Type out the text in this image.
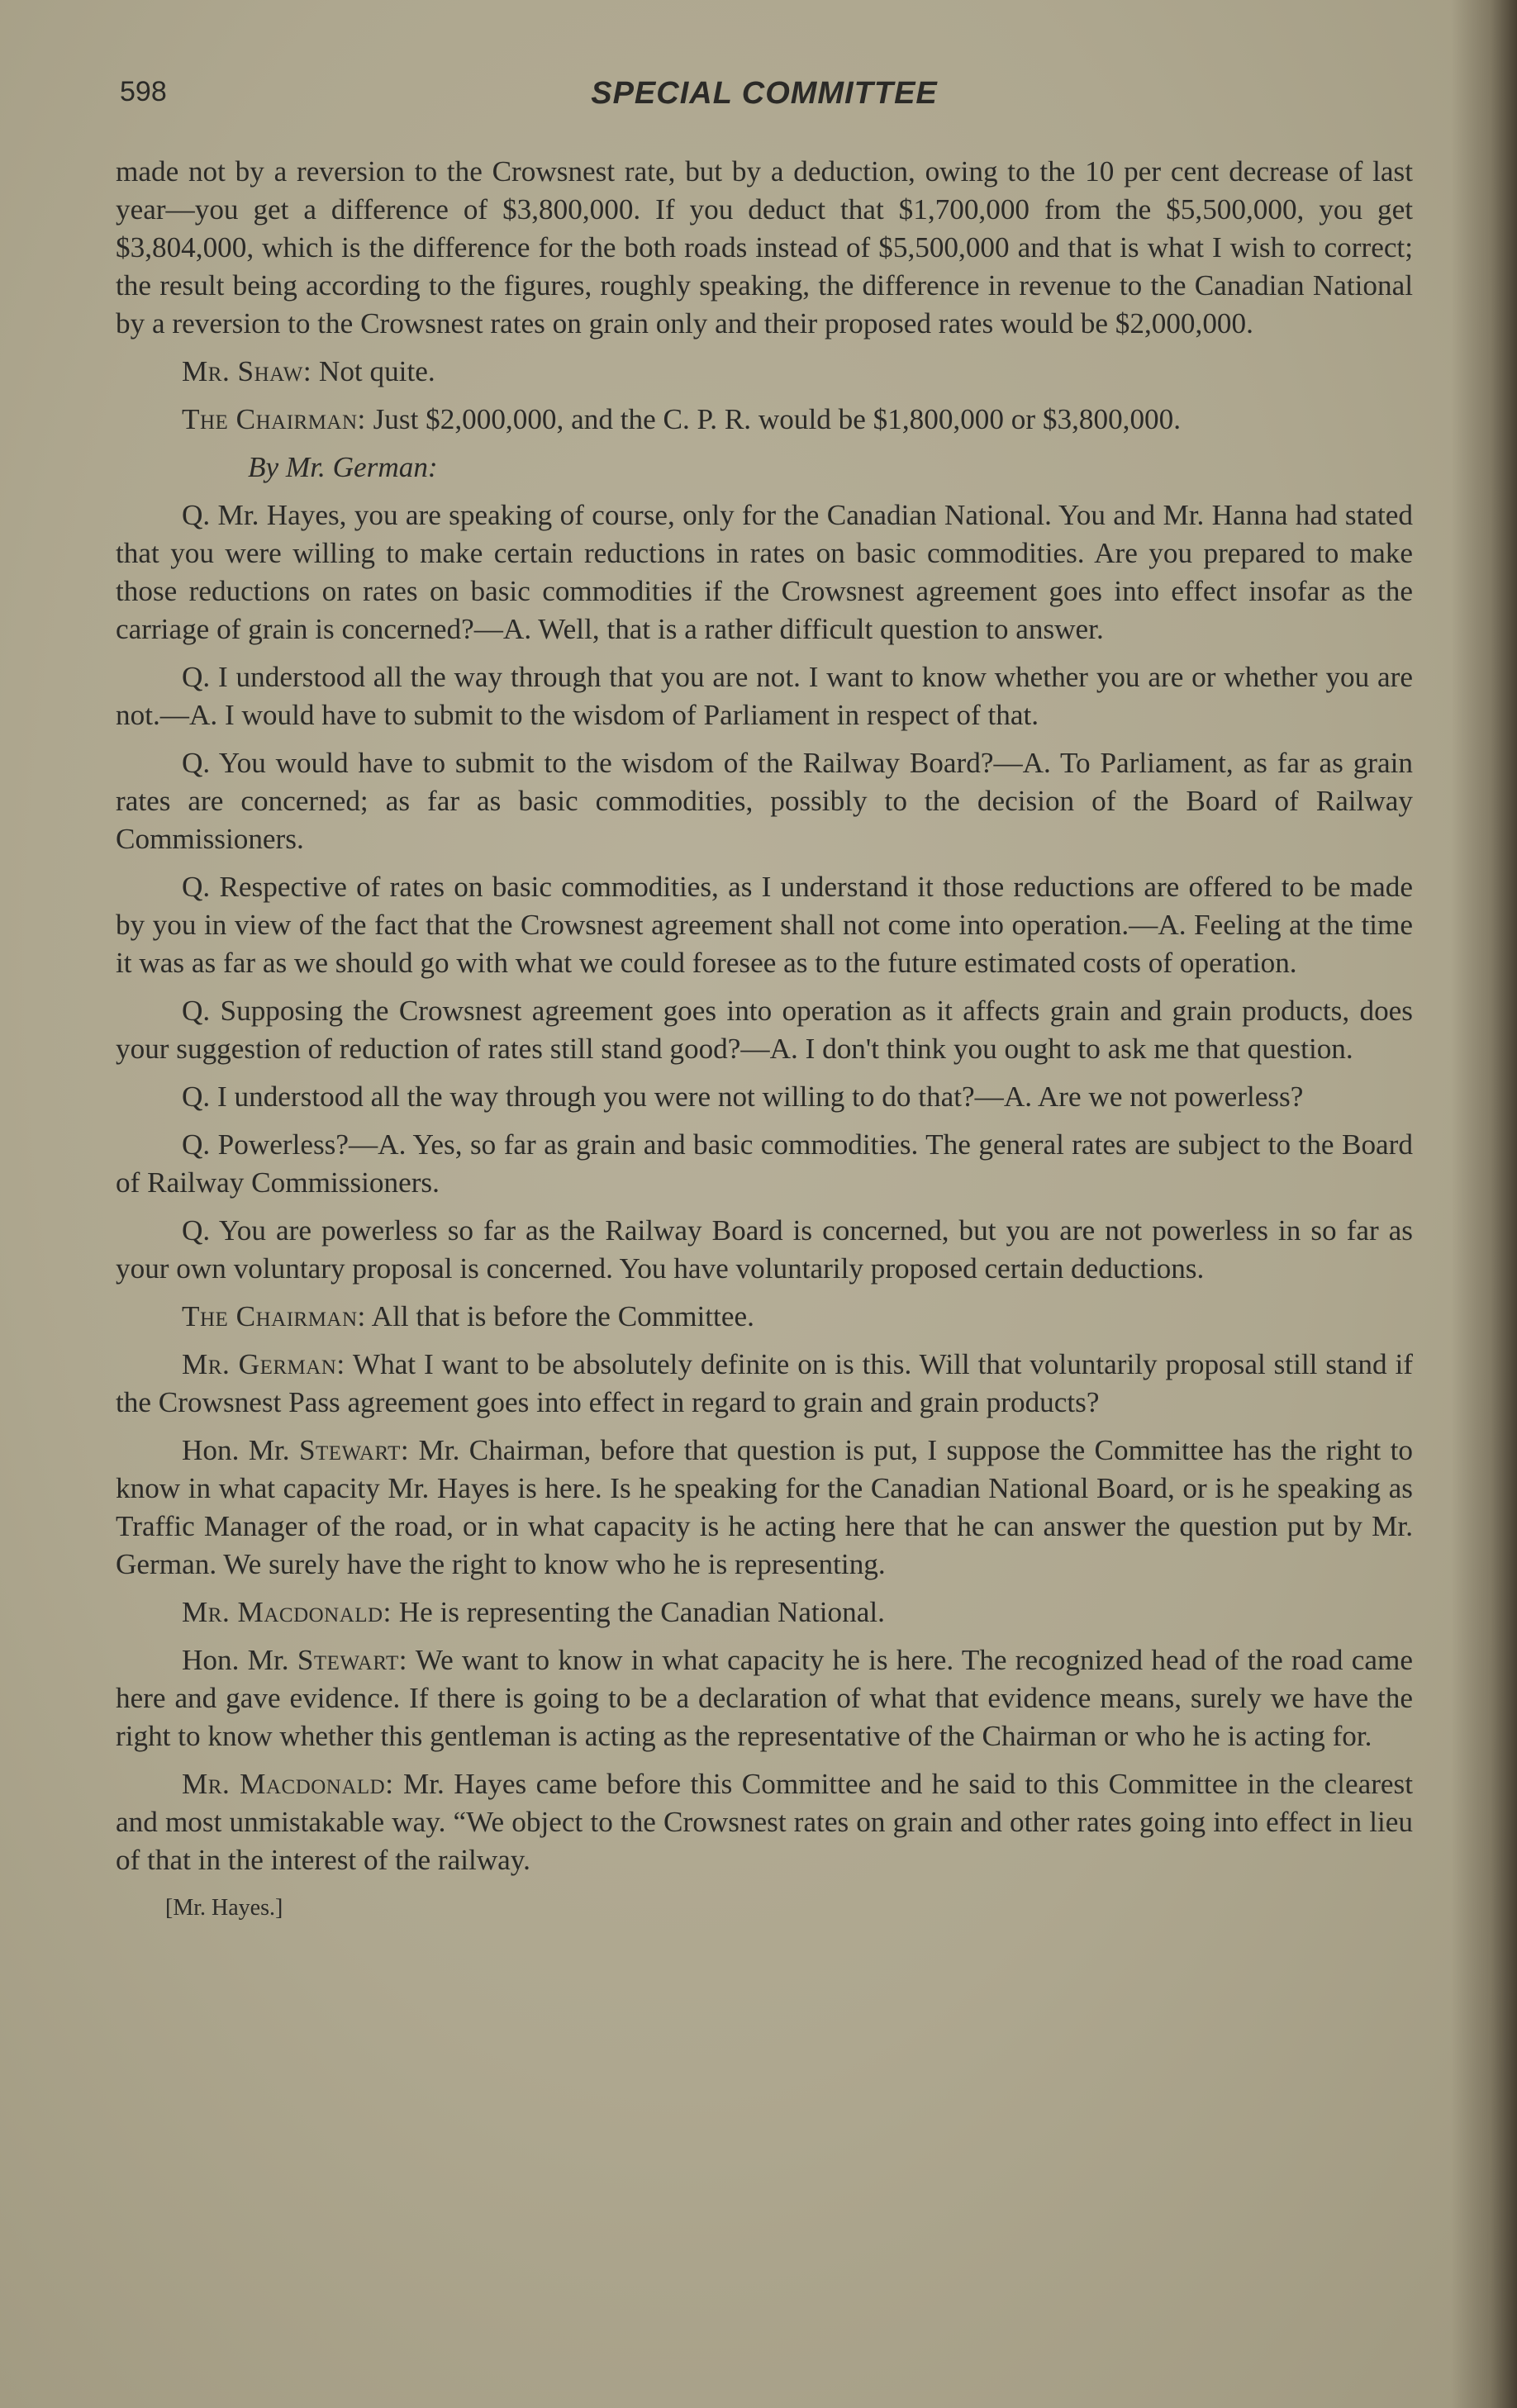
598	SPECIAL COMMITTEE

made not by a reversion to the Crowsnest rate, but by a deduction, owing to the 10 per cent decrease of last year—you get a difference of $3,800,000. If you deduct that $1,700,000 from the $5,500,000, you get $3,804,000, which is the difference for the both roads instead of $5,500,000 and that is what I wish to correct; the result being according to the figures, roughly speaking, the difference in revenue to the Canadian National by a reversion to the Crowsnest rates on grain only and their proposed rates would be $2,000,000.

Mr. Shaw: Not quite.

The Chairman: Just $2,000,000, and the C. P. R. would be $1,800,000 or $3,800,000.

By Mr. German:

Q. Mr. Hayes, you are speaking of course, only for the Canadian National. You and Mr. Hanna had stated that you were willing to make certain reductions in rates on basic commodities. Are you prepared to make those reductions on rates on basic commodities if the Crowsnest agreement goes into effect insofar as the carriage of grain is concerned?—A. Well, that is a rather difficult question to answer.

Q. I understood all the way through that you are not. I want to know whether you are or whether you are not.—A. I would have to submit to the wisdom of Parliament in respect of that.

Q. You would have to submit to the wisdom of the Railway Board?—A. To Parliament, as far as grain rates are concerned; as far as basic commodities, possibly to the decision of the Board of Railway Commissioners.

Q. Respective of rates on basic commodities, as I understand it those reductions are offered to be made by you in view of the fact that the Crowsnest agreement shall not come into operation.—A. Feeling at the time it was as far as we should go with what we could foresee as to the future estimated costs of operation.

Q. Supposing the Crowsnest agreement goes into operation as it affects grain and grain products, does your suggestion of reduction of rates still stand good?—A. I don't think you ought to ask me that question.

Q. I understood all the way through you were not willing to do that?—A. Are we not powerless?

Q. Powerless?—A. Yes, so far as grain and basic commodities. The general rates are subject to the Board of Railway Commissioners.

Q. You are powerless so far as the Railway Board is concerned, but you are not powerless in so far as your own voluntary proposal is concerned. You have voluntarily proposed certain deductions.

The Chairman: All that is before the Committee.

Mr. German: What I want to be absolutely definite on is this. Will that voluntarily proposal still stand if the Crowsnest Pass agreement goes into effect in regard to grain and grain products?

Hon. Mr. Stewart: Mr. Chairman, before that question is put, I suppose the Committee has the right to know in what capacity Mr. Hayes is here. Is he speaking for the Canadian National Board, or is he speaking as Traffic Manager of the road, or in what capacity is he acting here that he can answer the question put by Mr. German. We surely have the right to know who he is representing.

Mr. Macdonald: He is representing the Canadian National.

Hon. Mr. Stewart: We want to know in what capacity he is here. The recognized head of the road came here and gave evidence. If there is going to be a declaration of what that evidence means, surely we have the right to know whether this gentleman is acting as the representative of the Chairman or who he is acting for.

Mr. Macdonald: Mr. Hayes came before this Committee and he said to this Committee in the clearest and most unmistakable way. “We object to the Crowsnest rates on grain and other rates going into effect in lieu of that in the interest of the railway.

[Mr. Hayes.]
